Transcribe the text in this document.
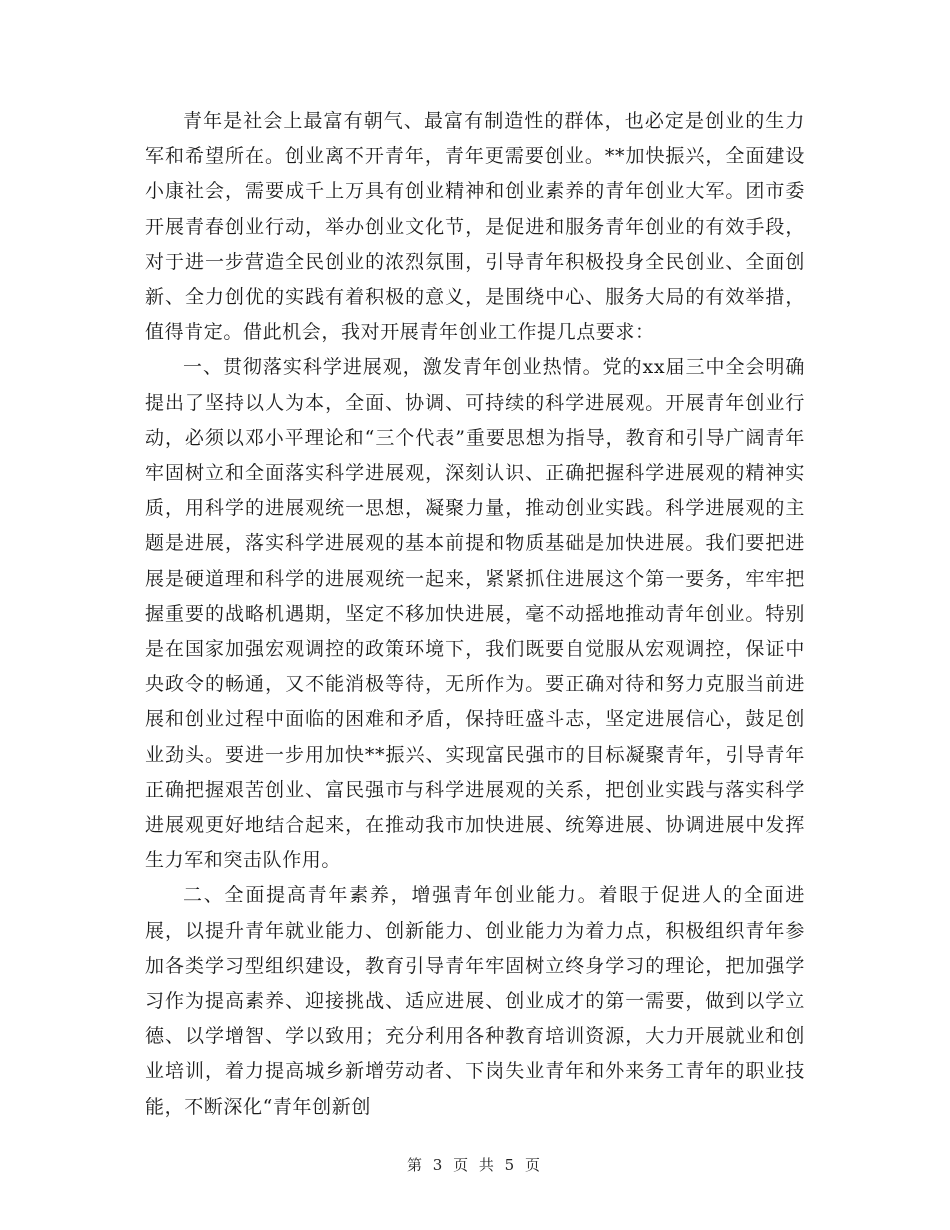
青年是社会上最富有朝气、最富有制造性的群体，也必定是创业的生力军和希望所在。创业离不开青年，青年更需要创业。**加快振兴，全面建设小康社会，需要成千上万具有创业精神和创业素养的青年创业大军。团市委开展青春创业行动，举办创业文化节，是促进和服务青年创业的有效手段，对于进一步营造全民创业的浓烈氛围，引导青年积极投身全民创业、全面创新、全力创优的实践有着积极的意义，是围绕中心、服务大局的有效举措，值得肯定。借此机会，我对开展青年创业工作提几点要求：

一、贯彻落实科学进展观，激发青年创业热情。党的xx届三中全会明确提出了坚持以人为本，全面、协调、可持续的科学进展观。开展青年创业行动，必须以邓小平理论和“三个代表”重要思想为指导，教育和引导广阔青年牢固树立和全面落实科学进展观，深刻认识、正确把握科学进展观的精神实质，用科学的进展观统一思想，凝聚力量，推动创业实践。科学进展观的主题是进展，落实科学进展观的基本前提和物质基础是加快进展。我们要把进展是硬道理和科学的进展观统一起来，紧紧抓住进展这个第一要务，牢牢把握重要的战略机遇期，坚定不移加快进展，毫不动摇地推动青年创业。特别是在国家加强宏观调控的政策环境下，我们既要自觉服从宏观调控，保证中央政令的畅通，又不能消极等待，无所作为。要正确对待和努力克服当前进展和创业过程中面临的困难和矛盾，保持旺盛斗志，坚定进展信心，鼓足创业劲头。要进一步用加快**振兴、实现富民强市的目标凝聚青年，引导青年正确把握艰苦创业、富民强市与科学进展观的关系，把创业实践与落实科学进展观更好地结合起来，在推动我市加快进展、统筹进展、协调进展中发挥生力军和突击队作用。

二、全面提高青年素养，增强青年创业能力。着眼于促进人的全面进展，以提升青年就业能力、创新能力、创业能力为着力点，积极组织青年参加各类学习型组织建设，教育引导青年牢固树立终身学习的理论，把加强学习作为提高素养、迎接挑战、适应进展、创业成才的第一需要，做到以学立德、以学增智、学以致用；充分利用各种教育培训资源，大力开展就业和创业培训，着力提高城乡新增劳动者、下岗失业青年和外来务工青年的职业技能，不断深化“青年创新创

第 3 页 共 5 页
